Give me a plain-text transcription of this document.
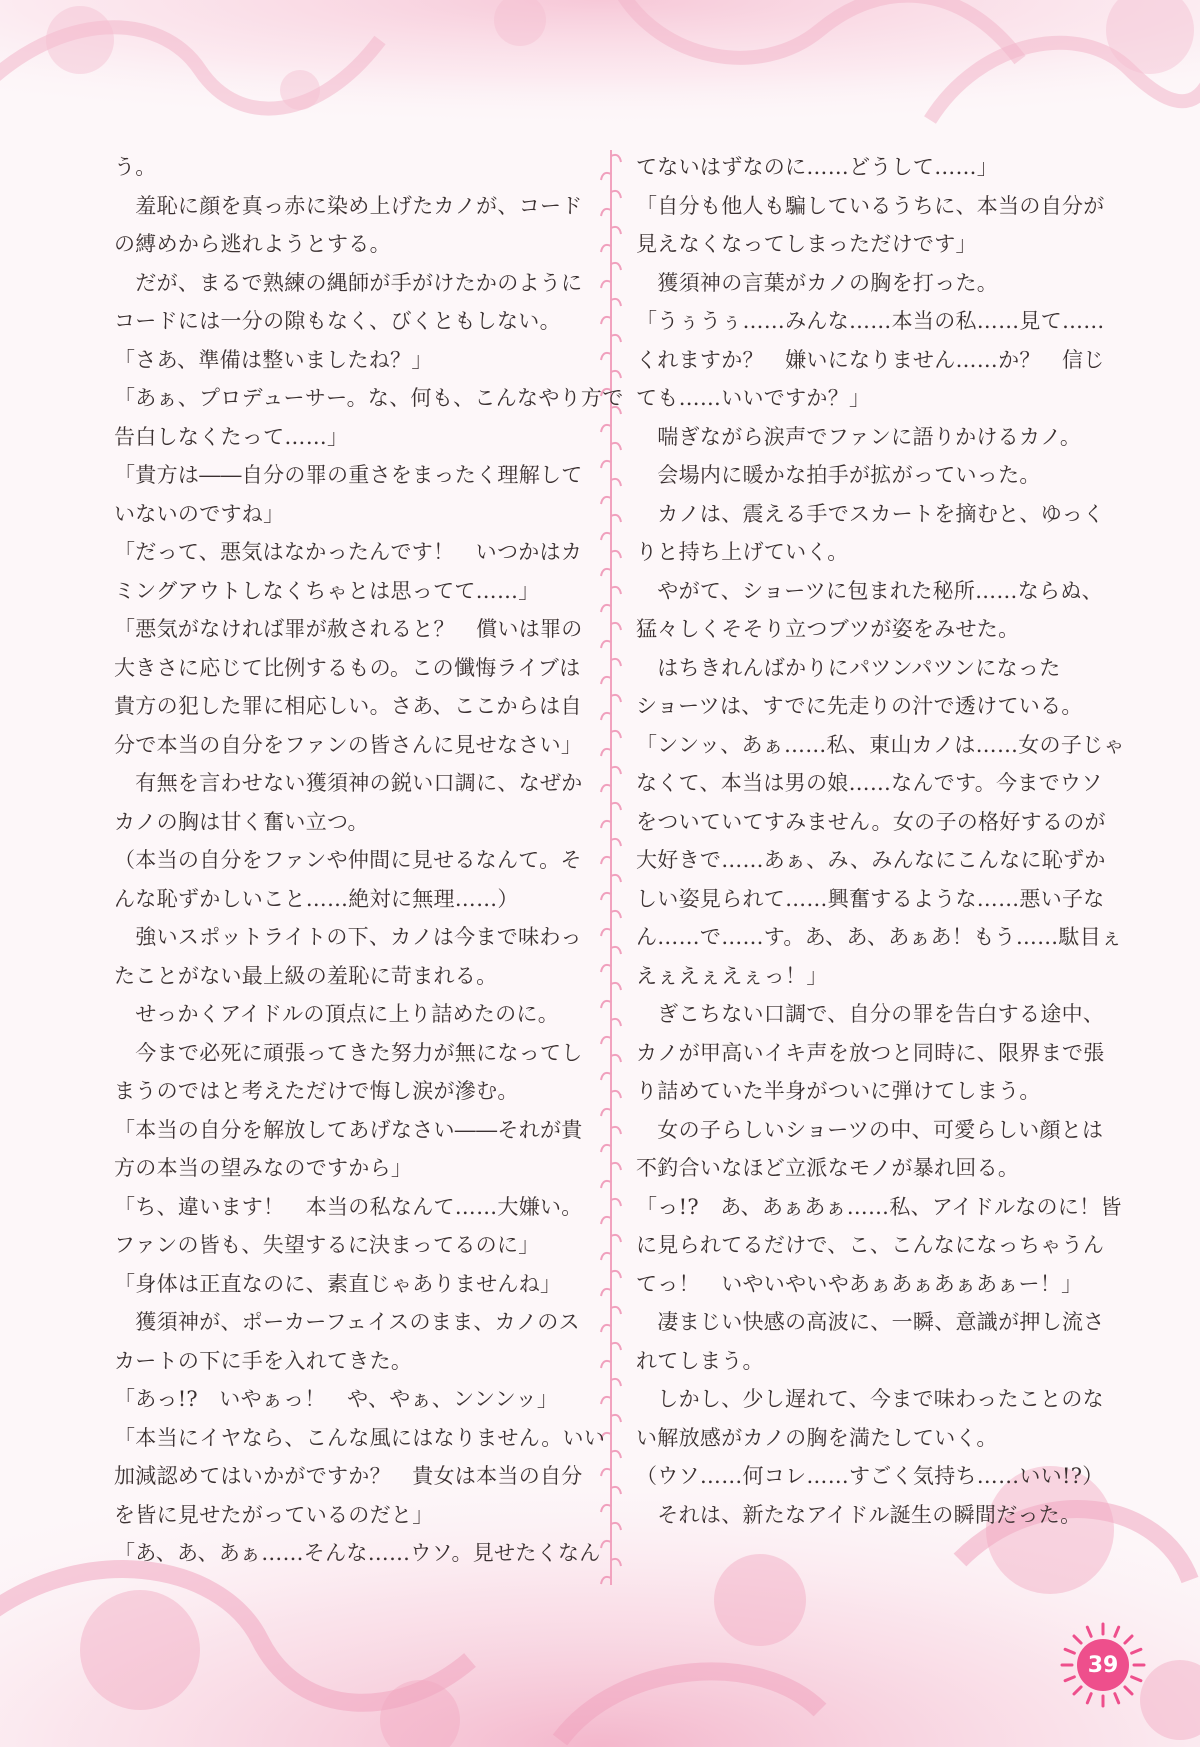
う。
　羞恥に顔を真っ赤に染め上げたカノが、コード
の縛めから逃れようとする。
　だが、まるで熟練の縄師が手がけたかのように
コードには一分の隙もなく、びくともしない。
「さあ、準備は整いましたね？」
「あぁ、プロデューサー。な、何も、こんなやり方で
告白しなくたって……」
「貴方は――自分の罪の重さをまったく理解して
いないのですね」
「だって、悪気はなかったんです！　いつかはカ
ミングアウトしなくちゃとは思ってて……」
「悪気がなければ罪が赦されると？　償いは罪の
大きさに応じて比例するもの。この懺悔ライブは
貴方の犯した罪に相応しい。さあ、ここからは自
分で本当の自分をファンの皆さんに見せなさい」
　有無を言わせない獲須神の鋭い口調に、なぜか
カノの胸は甘く奮い立つ。
（本当の自分をファンや仲間に見せるなんて。そ
んな恥ずかしいこと……絶対に無理……）
　強いスポットライトの下、カノは今まで味わっ
たことがない最上級の羞恥に苛まれる。
　せっかくアイドルの頂点に上り詰めたのに。
　今まで必死に頑張ってきた努力が無になってし
まうのではと考えただけで悔し涙が滲む。
「本当の自分を解放してあげなさい――それが貴
方の本当の望みなのですから」
「ち、違います！　本当の私なんて……大嫌い。
ファンの皆も、失望するに決まってるのに」
「身体は正直なのに、素直じゃありませんね」
　獲須神が、ポーカーフェイスのまま、カノのス
カートの下に手を入れてきた。
「あっ!?　いやぁっ！　や、やぁ、ンンンッ」
「本当にイヤなら、こんな風にはなりません。いい
加減認めてはいかがですか？　貴女は本当の自分
を皆に見せたがっているのだと」
「あ、あ、あぁ……そんな……ウソ。見せたくなん
てないはずなのに……どうして……」
「自分も他人も騙しているうちに、本当の自分が
見えなくなってしまっただけです」
　獲須神の言葉がカノの胸を打った。
「うぅうぅ……みんな……本当の私……見て……
くれますか？　嫌いになりません……か？　信じ
ても……いいですか？」
　喘ぎながら涙声でファンに語りかけるカノ。
　会場内に暖かな拍手が拡がっていった。
　カノは、震える手でスカートを摘むと、ゆっく
りと持ち上げていく。
　やがて、ショーツに包まれた秘所……ならぬ、
猛々しくそそり立つブツが姿をみせた。
　はちきれんばかりにパツンパツンになった
ショーツは、すでに先走りの汁で透けている。
「ンンッ、あぁ……私、東山カノは……女の子じゃ
なくて、本当は男の娘……なんです。今までウソ
をついていてすみません。女の子の格好するのが
大好きで……あぁ、み、みんなにこんなに恥ずか
しい姿見られて……興奮するような……悪い子な
ん……で……す。あ、あ、あぁあ！もう……駄目ぇ
えぇえぇえぇっ！」
　ぎこちない口調で、自分の罪を告白する途中、
カノが甲高いイキ声を放つと同時に、限界まで張
り詰めていた半身がついに弾けてしまう。
　女の子らしいショーツの中、可愛らしい顔とは
不釣合いなほど立派なモノが暴れ回る。
「っ!?　あ、あぁあぁ……私、アイドルなのに！皆
に見られてるだけで、こ、こんなになっちゃうん
てっ！　いやいやいやあぁあぁあぁあぁー！」
　凄まじい快感の高波に、一瞬、意識が押し流さ
れてしまう。
　しかし、少し遅れて、今まで味わったことのな
い解放感がカノの胸を満たしていく。
（ウソ……何コレ……すごく気持ち……いい!?）
　それは、新たなアイドル誕生の瞬間だった。
39
